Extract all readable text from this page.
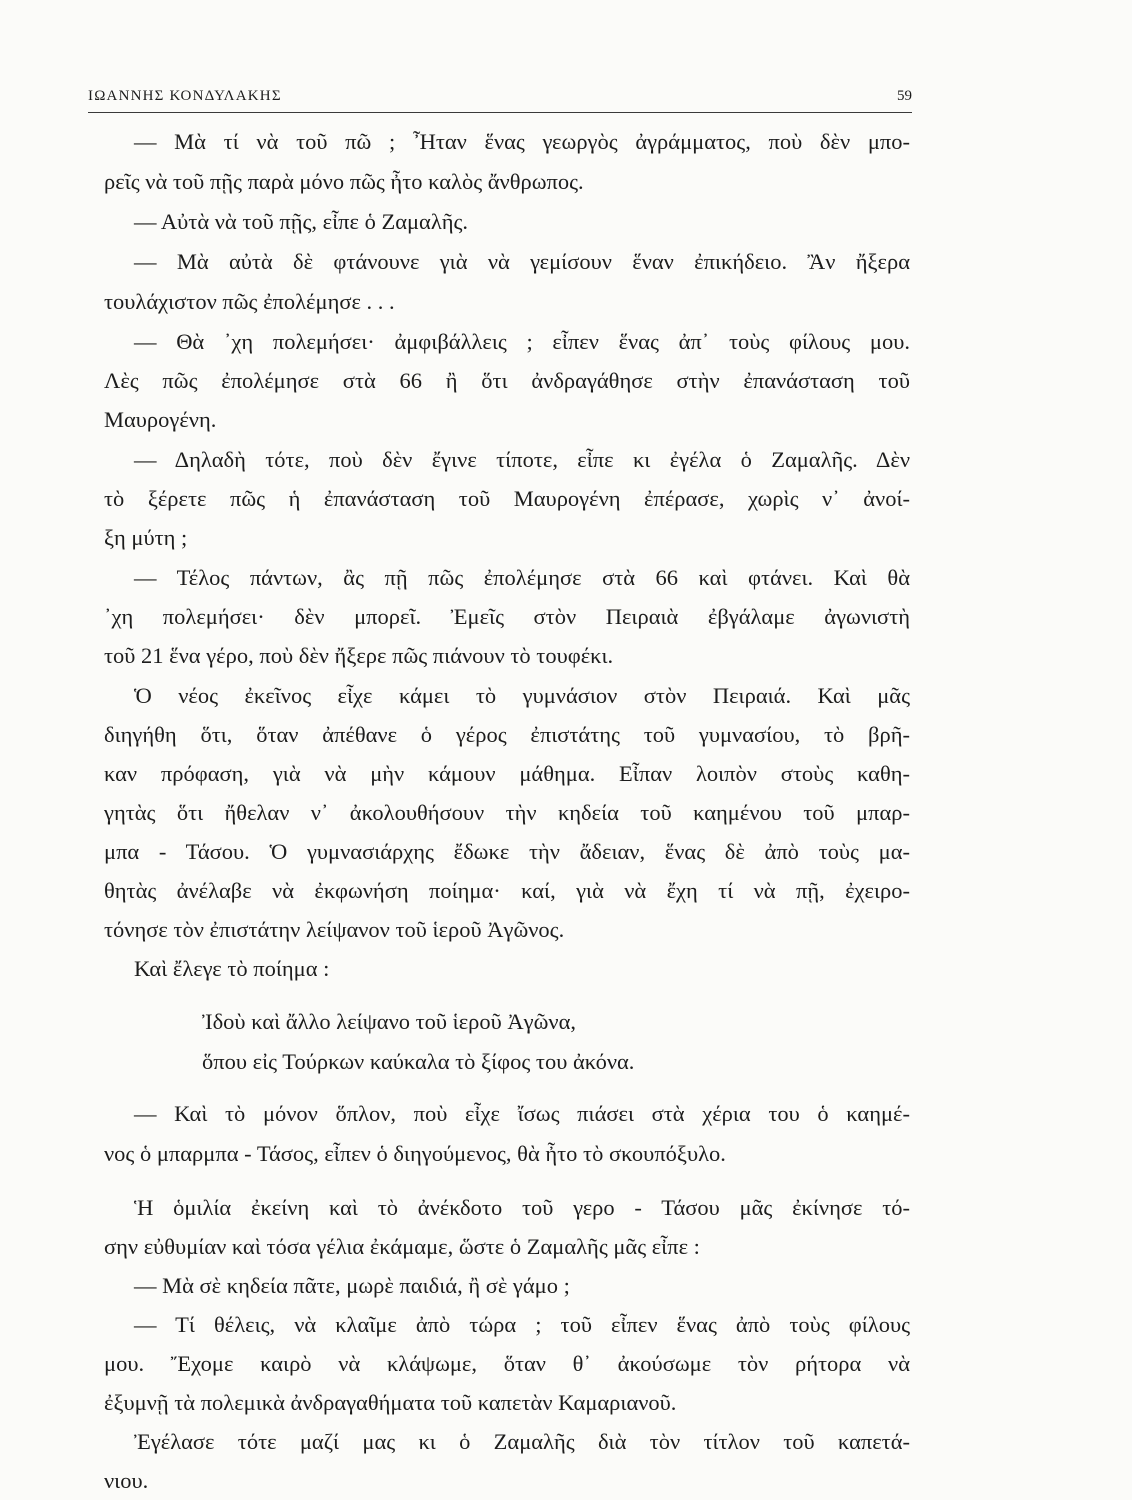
ΙΩΑΝΝΗΣ ΚΟΝΔΥΛΑΚΗΣ	59
— Μὰ τί νὰ τοῦ πῶ ; Ἦταν ἕνας γεωργὸς ἀγράμματος, ποὺ δὲν μπο-
ρεῖς νὰ τοῦ πῇς παρὰ μόνο πῶς ἦτο καλὸς ἄνθρωπος.
— Αὐτὰ νὰ τοῦ πῇς, εἶπε ὁ Ζαμαλῆς.
— Μὰ αὐτὰ δὲ φτάνουνε γιὰ νὰ γεμίσουν ἕναν ἐπικήδειο. Ἂν ἤξερα
τουλάχιστον πῶς ἐπολέμησε . . .
— Θὰ ᾽χη πολεμήσει· ἀμφιβάλλεις ; εἶπεν ἕνας ἀπ᾽ τοὺς φίλους μου.
Λὲς πῶς ἐπολέμησε στὰ 66 ἢ ὅτι ἀνδραγάθησε στὴν ἐπανάσταση τοῦ
Μαυρογένη.
— Δηλαδὴ τότε, ποὺ δὲν ἔγινε τίποτε, εἶπε κι ἐγέλα ὁ Ζαμαλῆς. Δὲν
τὸ ξέρετε πῶς ἡ ἐπανάσταση τοῦ Μαυρογένη ἐπέρασε, χωρὶς ν᾽ ἀνοί-
ξη μύτη ;
— Τέλος πάντων, ἂς πῇ πῶς ἐπολέμησε στὰ 66 καὶ φτάνει. Καὶ θὰ
᾽χη πολεμήσει· δὲν μπορεῖ. Ἐμεῖς στὸν Πειραιὰ ἐβγάλαμε ἀγωνιστὴ
τοῦ 21 ἕνα γέρο, ποὺ δὲν ἤξερε πῶς πιάνουν τὸ τουφέκι.
Ὁ νέος ἐκεῖνος εἶχε κάμει τὸ γυμνάσιον στὸν Πειραιά. Καὶ μᾶς
διηγήθη ὅτι, ὅταν ἀπέθανε ὁ γέρος ἐπιστάτης τοῦ γυμνασίου, τὸ βρῆ-
καν πρόφαση, γιὰ νὰ μὴν κάμουν μάθημα. Εἶπαν λοιπὸν στοὺς καθη-
γητὰς ὅτι ἤθελαν ν᾽ ἀκολουθήσουν τὴν κηδεία τοῦ καημένου τοῦ μπαρ-
μπα - Τάσου. Ὁ γυμνασιάρχης ἔδωκε τὴν ἄδειαν, ἕνας δὲ ἀπὸ τοὺς μα-
θητὰς ἀνέλαβε νὰ ἐκφωνήση ποίημα· καί, γιὰ νὰ ἔχη τί νὰ πῇ, ἐχειρο-
τόνησε τὸν ἐπιστάτην λείψανον τοῦ ἱεροῦ Ἀγῶνος.
Καὶ ἔλεγε τὸ ποίημα :
Ἰδοὺ καὶ ἄλλο λείψανο τοῦ ἱεροῦ Ἀγῶνα,
ὅπου εἰς Τούρκων καύκαλα τὸ ξίφος του ἀκόνα.
— Καὶ τὸ μόνον ὅπλον, ποὺ εἶχε ἴσως πιάσει στὰ χέρια του ὁ καημέ-
νος ὁ μπαρμπα - Τάσος, εἶπεν ὁ διηγούμενος, θὰ ἦτο τὸ σκουπόξυλο.
Ἡ ὁμιλία ἐκείνη καὶ τὸ ἀνέκδοτο τοῦ γερο - Τάσου μᾶς ἐκίνησε τό-
σην εὐθυμίαν καὶ τόσα γέλια ἐκάμαμε, ὥστε ὁ Ζαμαλῆς μᾶς εἶπε :
— Μὰ σὲ κηδεία πᾶτε, μωρὲ παιδιά, ἢ σὲ γάμο ;
— Τί θέλεις, νὰ κλαῖμε ἀπὸ τώρα ; τοῦ εἶπεν ἕνας ἀπὸ τοὺς φίλους
μου. Ἔχομε καιρὸ νὰ κλάψωμε, ὅταν θ᾽ ἀκούσωμε τὸν ρήτορα νὰ
ἐξυμνῇ τὰ πολεμικὰ ἀνδραγαθήματα τοῦ καπετὰν Καμαριανοῦ.
Ἐγέλασε τότε μαζί μας κι ὁ Ζαμαλῆς διὰ τὸν τίτλον τοῦ καπετά-
νιου.
